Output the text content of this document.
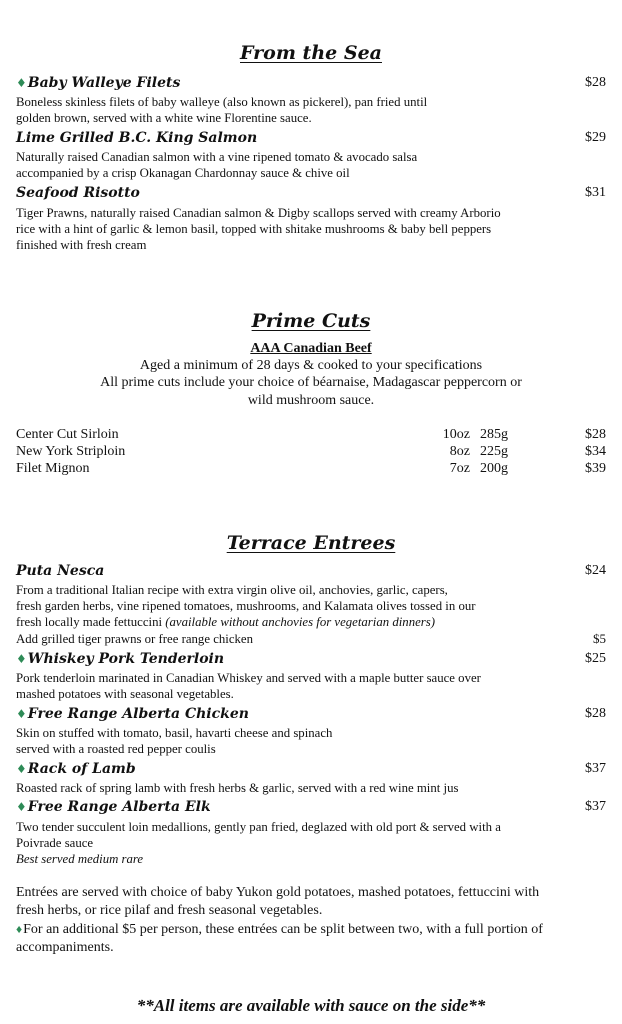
From the Sea
♦Baby Walleye Filets	$28
Boneless skinless filets of baby walleye (also known as pickerel), pan fried until
golden brown, served with a white wine Florentine sauce.
Lime Grilled B.C. King Salmon	$29
Naturally raised Canadian salmon with a vine ripened tomato & avocado salsa
accompanied by a crisp Okanagan Chardonnay sauce & chive oil
Seafood Risotto	$31
Tiger Prawns, naturally raised Canadian salmon & Digby scallops served with creamy Arborio
rice with a hint of garlic & lemon basil, topped with shitake mushrooms & baby bell peppers
finished with fresh cream
Prime Cuts
AAA Canadian Beef
Aged a minimum of 28 days & cooked to your specifications
All prime cuts include your choice of béarnaise, Madagascar peppercorn or
wild mushroom sauce.
Center Cut Sirloin	10oz 285g	$28
New York Striploin	8oz 225g	$34
Filet Mignon	7oz 200g	$39
Terrace Entrees
Puta Nesca	$24
From a traditional Italian recipe with extra virgin olive oil, anchovies, garlic, capers,
fresh garden herbs, vine ripened tomatoes, mushrooms, and Kalamata olives tossed in our
fresh locally made fettuccini (available without anchovies for vegetarian dinners)
Add grilled tiger prawns or free range chicken	$5
♦Whiskey Pork Tenderloin	$25
Pork tenderloin marinated in Canadian Whiskey and served with a maple butter sauce over
mashed potatoes with seasonal vegetables.
♦Free Range Alberta Chicken	$28
Skin on stuffed with tomato, basil, havarti cheese and spinach
served with a roasted red pepper coulis
♦Rack of Lamb	$37
Roasted rack of spring lamb with fresh herbs & garlic, served with a red wine mint jus
♦Free Range Alberta Elk	$37
Two tender succulent loin medallions, gently pan fried, deglazed with old port & served with a
Poivrade sauce
Best served medium rare
Entrées are served with choice of baby Yukon gold potatoes, mashed potatoes, fettuccini with
fresh herbs, or rice pilaf and fresh seasonal vegetables.
♦For an additional $5 per person, these entrées can be split between two, with a full portion of
accompaniments.
**All items are available with sauce on the side**
